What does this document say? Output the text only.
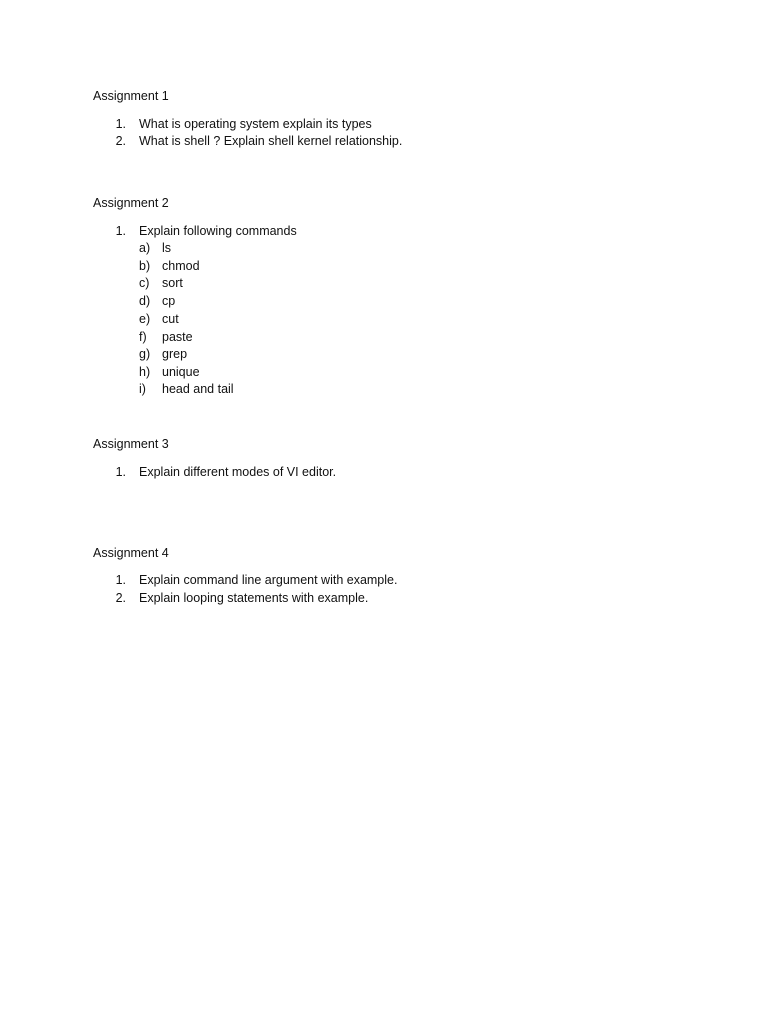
Assignment 1
1. What is operating system explain its types
2. What is shell ? Explain shell kernel relationship.
Assignment 2
1. Explain following commands
a) ls
b) chmod
c) sort
d) cp
e) cut
f) paste
g) grep
h) unique
i) head and tail
Assignment 3
1. Explain different modes of VI editor.
Assignment 4
1. Explain command line argument with example.
2. Explain looping statements with example.
